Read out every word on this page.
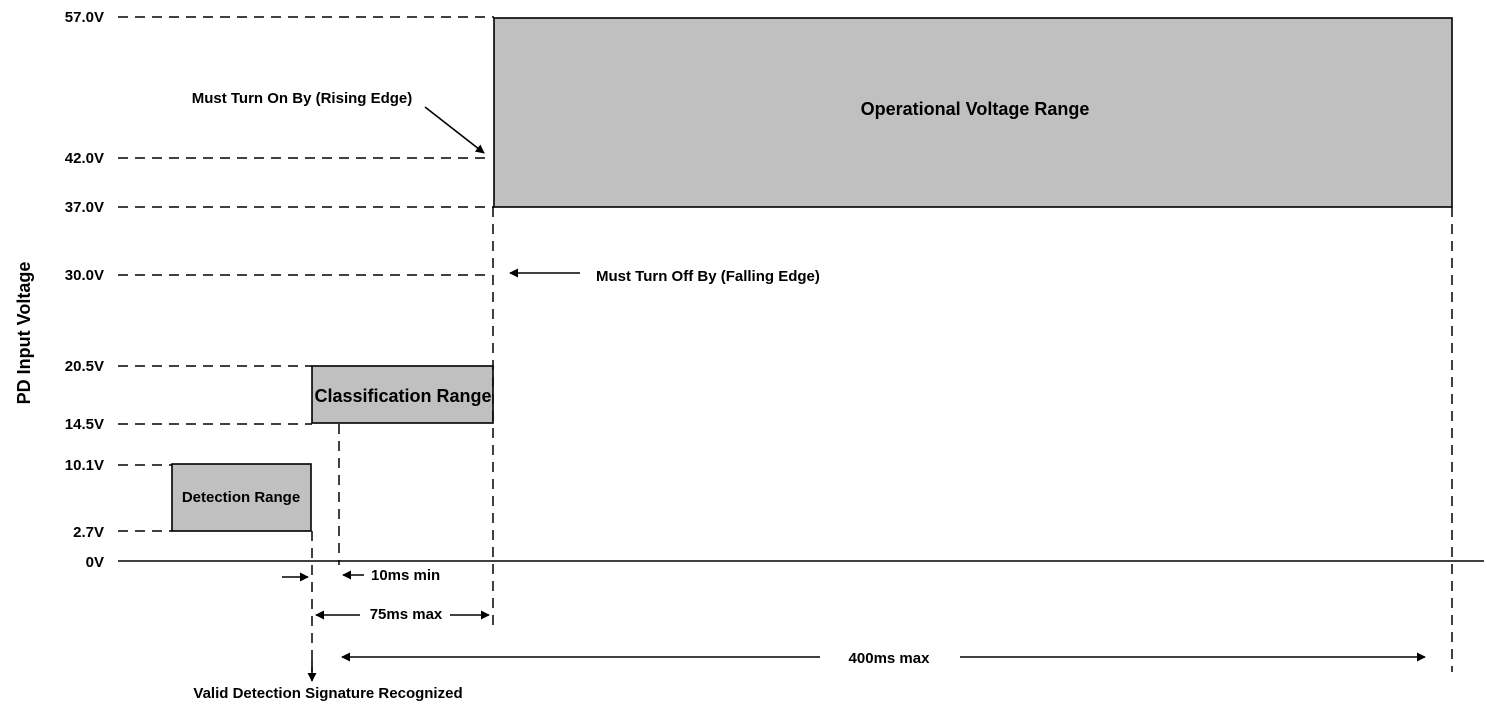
57.0V
42.0V
37.0V
30.0V
20.5V
14.5V
10.1V
2.7V
0V
PD Input Voltage
Operational Voltage Range
Classification Range
Detection Range
Must Turn On By (Rising Edge)
Must Turn Off By (Falling Edge)
10ms min
75ms max
400ms max
Valid Detection Signature Recognized
